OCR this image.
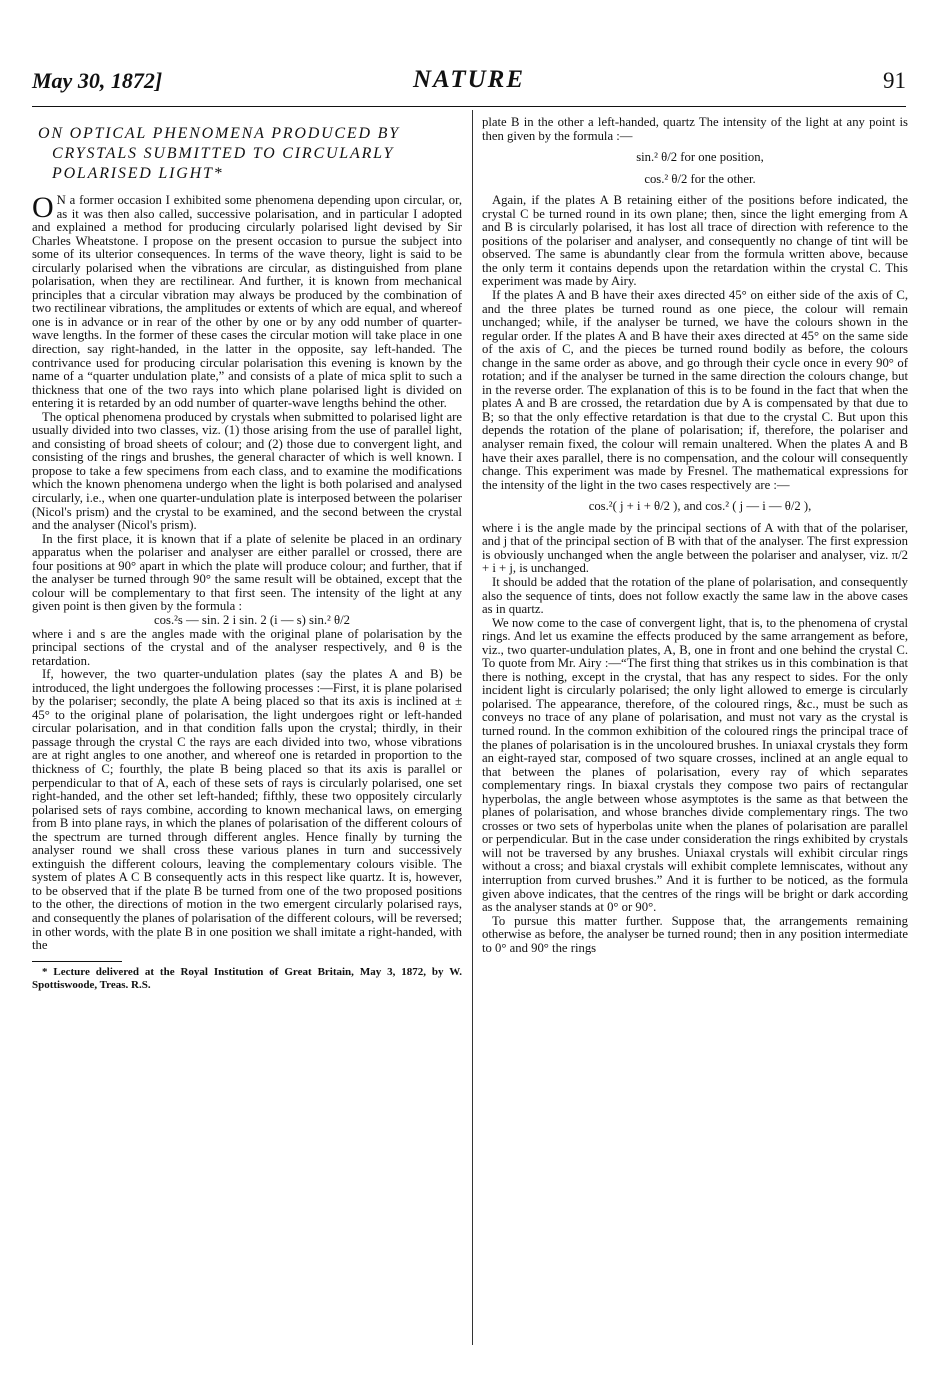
May 30, 1872]	NATURE	91
ON OPTICAL PHENOMENA PRODUCED BY CRYSTALS SUBMITTED TO CIRCULARLY POLARISED LIGHT*

O N a former occasion I exhibited some phenomena depending upon circular, or, as it was then also called, successive polarisation, and in particular I adopted and explained a method for producing circularly polarised light devised by Sir Charles Wheatstone. I propose on the present occasion to pursue the subject into some of its ulterior consequences. In terms of the wave theory, light is said to be circularly polarised when the vibrations are circular, as distinguished from plane polarisation, when they are rectilinear. And further, it is known from mechanical principles that a circular vibration may always be produced by the combination of two rectilinear vibrations, the amplitudes or extents of which are equal, and whereof one is in advance or in rear of the other by one or by any odd number of quarter-wave lengths. In the former of these cases the circular motion will take place in one direction, say right-handed, in the latter in the opposite, say left-handed. The contrivance used for producing circular polarisation this evening is known by the name of a “quarter undulation plate,” and consists of a plate of mica split to such a thickness that one of the two rays into which plane polarised light is divided on entering it is retarded by an odd number of quarter-wave lengths behind the other.

The optical phenomena produced by crystals when submitted to polarised light are usually divided into two classes, viz. (1) those arising from the use of parallel light, and consisting of broad sheets of colour; and (2) those due to convergent light, and consisting of the rings and brushes, the general character of which is well known. I propose to take a few specimens from each class, and to examine the modifications which the known phenomena undergo when the light is both polarised and analysed circularly, i.e., when one quarter-undulation plate is interposed between the polariser (Nicol's prism) and the crystal to be examined, and the second between the crystal and the analyser (Nicol's prism).

In the first place, it is known that if a plate of selenite be placed in an ordinary apparatus when the polariser and analyser are either parallel or crossed, there are four positions at 90° apart in which the plate will produce colour; and further, that if the analyser be turned through 90° the same result will be obtained, except that the colour will be complementary to that first seen. The intensity of the light at any given point is then given by the formula :

cos.²s — sin. 2 i sin. 2 (i — s) sin.² θ/2

where i and s are the angles made with the original plane of polarisation by the principal sections of the crystal and of the analyser respectively, and θ is the retardation.

If, however, the two quarter-undulation plates (say the plates A and B) be introduced, the light undergoes the following processes :—First, it is plane polarised by the polariser; secondly, the plate A being placed so that its axis is inclined at ± 45° to the original plane of polarisation, the light undergoes right or left-handed circular polarisation, and in that condition falls upon the crystal; thirdly, in their passage through the crystal C the rays are each divided into two, whose vibrations are at right angles to one another, and whereof one is retarded in proportion to the thickness of C; fourthly, the plate B being placed so that its axis is parallel or perpendicular to that of A, each of these sets of rays is circularly polarised, one set right-handed, and the other set left-handed; fifthly, these two oppositely circularly polarised sets of rays combine, according to known mechanical laws, on emerging from B into plane rays, in which the planes of polarisation of the different colours of the spectrum are turned through different angles. Hence finally by turning the analyser round we shall cross these various planes in turn and successively extinguish the different colours, leaving the complementary colours visible. The system of plates A C B consequently acts in this respect like quartz. It is, however, to be observed that if the plate B be turned from one of the two proposed positions to the other, the directions of motion in the two emergent circularly polarised rays, and consequently the planes of polarisation of the different colours, will be reversed; in other words, with the plate B in one position we shall imitate a right-handed, with the

* Lecture delivered at the Royal Institution of Great Britain, May 3, 1872, by W. Spottiswoode, Treas. R.S.

plate B in the other a left-handed, quartz The intensity of the light at any point is then given by the formula :—

sin.² θ/2 for one position,

cos.² θ/2 for the other.

Again, if the plates A B retaining either of the positions before indicated, the crystal C be turned round in its own plane; then, since the light emerging from A and B is circularly polarised, it has lost all trace of direction with reference to the positions of the polariser and analyser, and consequently no change of tint will be observed. The same is abundantly clear from the formula written above, because the only term it contains depends upon the retardation within the crystal C. This experiment was made by Airy.

If the plates A and B have their axes directed 45° on either side of the axis of C, and the three plates be turned round as one piece, the colour will remain unchanged; while, if the analyser be turned, we have the colours shown in the regular order. If the plates A and B have their axes directed at 45° on the same side of the axis of C, and the pieces be turned round bodily as before, the colours change in the same order as above, and go through their cycle once in every 90° of rotation; and if the analyser be turned in the same direction the colours change, but in the reverse order. The explanation of this is to be found in the fact that when the plates A and B are crossed, the retardation due by A is compensated by that due to B; so that the only effective retardation is that due to the crystal C. But upon this depends the rotation of the plane of polarisation; if, therefore, the polariser and analyser remain fixed, the colour will remain unaltered. When the plates A and B have their axes parallel, there is no compensation, and the colour will consequently change. This experiment was made by Fresnel. The mathematical expressions for the intensity of the light in the two cases respectively are :—

cos.²( j + i + θ/2 ), and cos.² ( j — i — θ/2 ),

where i is the angle made by the principal sections of A with that of the polariser, and j that of the principal section of B with that of the analyser. The first expression is obviously unchanged when the angle between the polariser and analyser, viz. π/2 + i + j, is unchanged.

It should be added that the rotation of the plane of polarisation, and consequently also the sequence of tints, does not follow exactly the same law in the above cases as in quartz.

We now come to the case of convergent light, that is, to the phenomena of crystal rings. And let us examine the effects produced by the same arrangement as before, viz., two quarter-undulation plates, A, B, one in front and one behind the crystal C. To quote from Mr. Airy :—“The first thing that strikes us in this combination is that there is nothing, except in the crystal, that has any respect to sides. For the only incident light is circularly polarised; the only light allowed to emerge is circularly polarised. The appearance, therefore, of the coloured rings, &c., must be such as conveys no trace of any plane of polarisation, and must not vary as the crystal is turned round. In the common exhibition of the coloured rings the principal trace of the planes of polarisation is in the uncoloured brushes. In uniaxal crystals they form an eight-rayed star, composed of two square crosses, inclined at an angle equal to that between the planes of polarisation, every ray of which separates complementary rings. In biaxal crystals they compose two pairs of rectangular hyperbolas, the angle between whose asymptotes is the same as that between the planes of polarisation, and whose branches divide complementary rings. The two crosses or two sets of hyperbolas unite when the planes of polarisation are parallel or perpendicular. But in the case under consideration the rings exhibited by crystals will not be traversed by any brushes. Uniaxal crystals will exhibit circular rings without a cross; and biaxal crystals will exhibit complete lemniscates, without any interruption from curved brushes.” And it is further to be noticed, as the formula given above indicates, that the centres of the rings will be bright or dark according as the analyser stands at 0° or 90°.

To pursue this matter further. Suppose that, the arrangements remaining otherwise as before, the analyser be turned round; then in any position intermediate to 0° and 90° the rings
